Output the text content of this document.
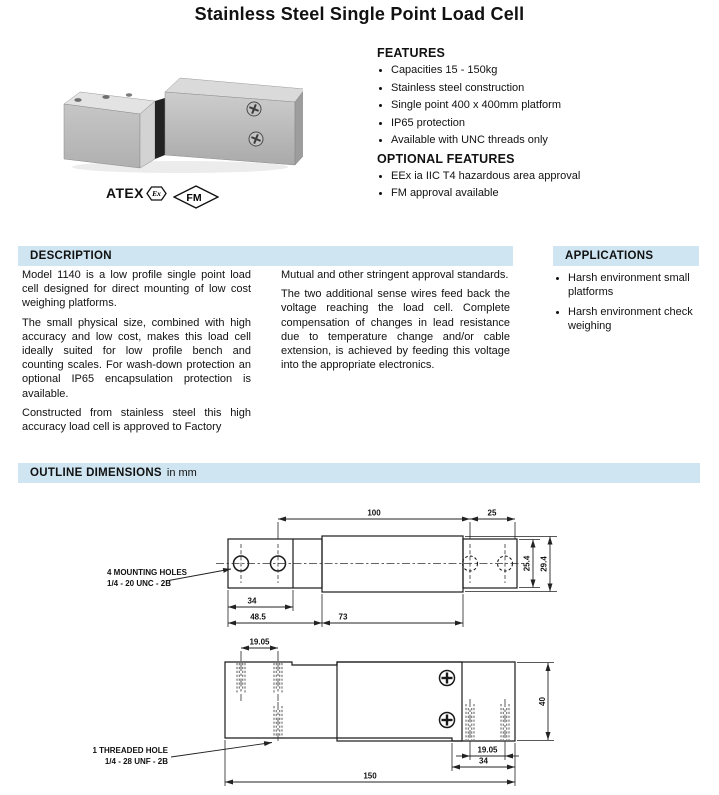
Stainless Steel Single Point Load Cell
ATEX Ex FM
FEATURES
• Capacities 15 - 150kg
• Stainless steel construction
• Single point 400 x 400mm platform
• IP65 protection
• Available with UNC threads only
OPTIONAL FEATURES
• EEx ia IIC T4 hazardous area approval
• FM approval available
DESCRIPTION

Model 1140 is a low profile single point load cell designed for direct mounting of low cost weighing platforms.

The small physical size, combined with high accuracy and low cost, makes this load cell ideally suited for low profile bench and counting scales. For wash-down protection an optional IP65 encapsulation protection is available.

Constructed from stainless steel this high accuracy load cell is approved to Factory

Mutual and other stringent approval standards.

The two additional sense wires feed back the voltage reaching the load cell. Complete compensation of changes in lead resistance due to temperature change and/or cable extension, is achieved by feeding this voltage into the appropriate electronics.

APPLICATIONS
• Harsh environment small platforms
• Harsh environment check weighing
OUTLINE DIMENSIONS in mm
100	25
25.4 29.4
34
48.5	73
4 MOUNTING HOLES
1/4 - 20 UNC - 2B
19.05
40
19.05
34
150
1 THREADED HOLE
1/4 - 28 UNF - 2B
